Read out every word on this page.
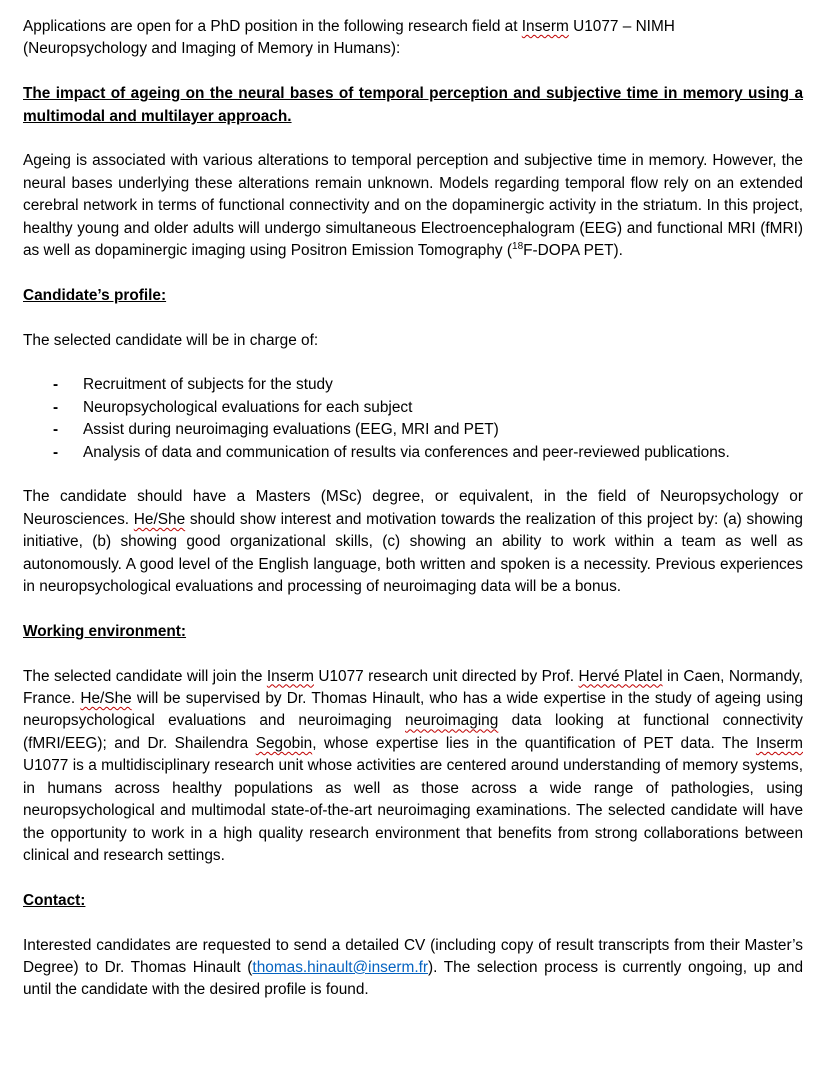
Applications are open for a PhD position in the following research field at Inserm U1077 – NIMH
(Neuropsychology and Imaging of Memory in Humans):

The impact of ageing on the neural bases of temporal perception and subjective time in memory using a multimodal and multilayer approach.

Ageing is associated with various alterations to temporal perception and subjective time in memory. However, the neural bases underlying these alterations remain unknown. Models regarding temporal flow rely on an extended cerebral network in terms of functional connectivity and on the dopaminergic activity in the striatum. In this project, healthy young and older adults will undergo simultaneous Electroencephalogram (EEG) and functional MRI (fMRI) as well as dopaminergic imaging using Positron Emission Tomography ($^{18}$F-DOPA PET).

Candidate’s profile:

The selected candidate will be in charge of:

- Recruitment of subjects for the study
- Neuropsychological evaluations for each subject
- Assist during neuroimaging evaluations (EEG, MRI and PET)
- Analysis of data and communication of results via conferences and peer-reviewed publications.

The candidate should have a Masters (MSc) degree, or equivalent, in the field of Neuropsychology or Neurosciences. He/She should show interest and motivation towards the realization of this project by: (a) showing initiative, (b) showing good organizational skills, (c) showing an ability to work within a team as well as autonomously. A good level of the English language, both written and spoken is a necessity. Previous experiences in neuropsychological evaluations and processing of neuroimaging data will be a bonus.

Working environment:

The selected candidate will join the Inserm U1077 research unit directed by Prof. Hervé Platel in Caen, Normandy, France. He/She will be supervised by Dr. Thomas Hinault, who has a wide expertise in the study of ageing using neuropsychological evaluations and neuroimaging neuroimaging data looking at functional connectivity (fMRI/EEG); and Dr. Shailendra Segobin, whose expertise lies in the quantification of PET data. The Inserm U1077 is a multidisciplinary research unit whose activities are centered around understanding of memory systems, in humans across healthy populations as well as those across a wide range of pathologies, using neuropsychological and multimodal state-of-the-art neuroimaging examinations. The selected candidate will have the opportunity to work in a high quality research environment that benefits from strong collaborations between clinical and research settings.

Contact:

Interested candidates are requested to send a detailed CV (including copy of result transcripts from their Master’s Degree) to Dr. Thomas Hinault (thomas.hinault@inserm.fr). The selection process is currently ongoing, up and until the candidate with the desired profile is found.
